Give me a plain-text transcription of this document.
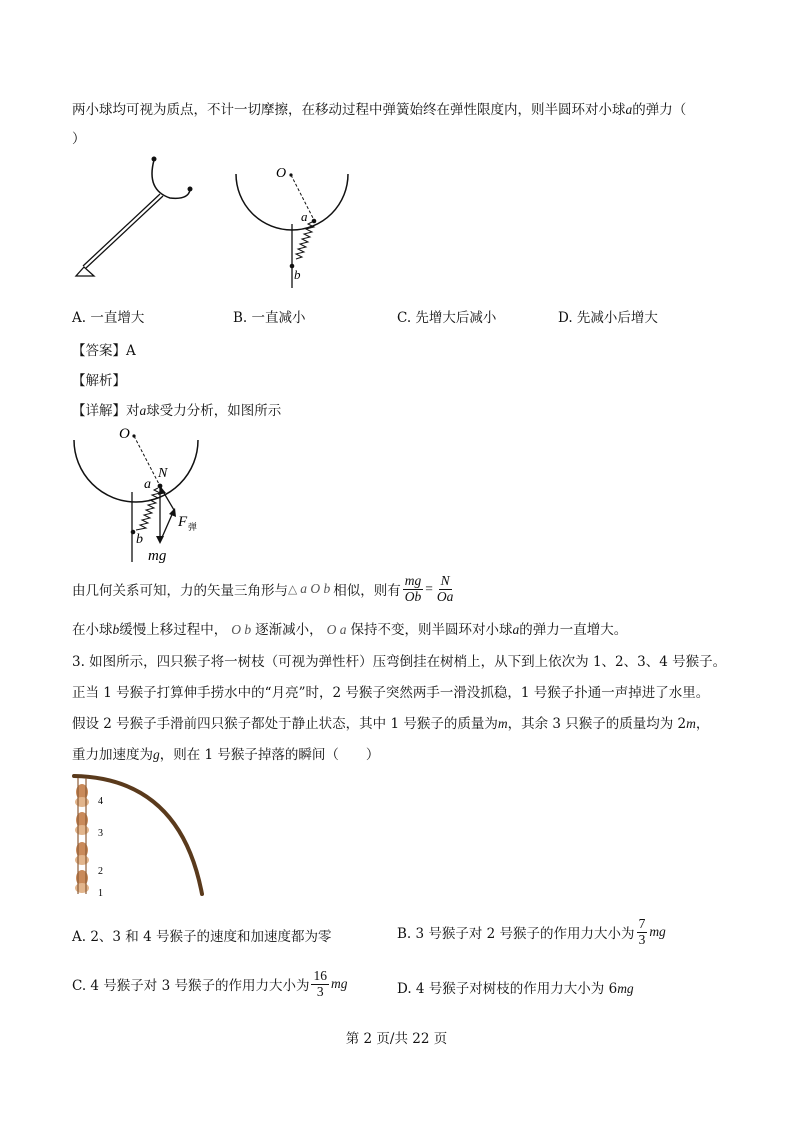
两小球均可视为质点，不计一切摩擦，在移动过程中弹簧始终在弹性限度内，则半圆环对小球a的弹力（
）
O
a
b
A. 一直增大	B. 一直减小	C. 先增大后减小	D. 先减小后增大
【答案】A
【解析】
【详解】对a球受力分析，如图所示
O
N
a
b
F 弹
mg
由几何关系可知，力的矢量三角形与 △ a O b 相似，则有 $\frac{mg}{Ob} = \frac{N}{Oa}$
在小球b缓慢上移过程中， O b 逐渐减小， O a 保持不变，则半圆环对小球a的弹力一直增大。
3. 如图所示，四只猴子将一树枝（可视为弹性杆）压弯倒挂在树梢上，从下到上依次为 1、2、3、4 号猴子。
正当 1 号猴子打算伸手捞水中的“月亮”时，2 号猴子突然两手一滑没抓稳，1 号猴子扑通一声掉进了水里。
假设 2 号猴子手滑前四只猴子都处于静止状态，其中 1 号猴子的质量为m，其余 3 只猴子的质量均为 2m，
重力加速度为g，则在 1 号猴子掉落的瞬间（　　）
4
3
2
1
A. 2、3 和 4 号猴子的速度和加速度都为零	B. 3 号猴子对 2 号猴子的作用力大小为 $\frac{7}{3}$ mg
C. 4 号猴子对 3 号猴子的作用力大小为 $\frac{16}{3}$ mg	D. 4 号猴子对树枝的作用力大小为 6mg
第 2 页/共 22 页
